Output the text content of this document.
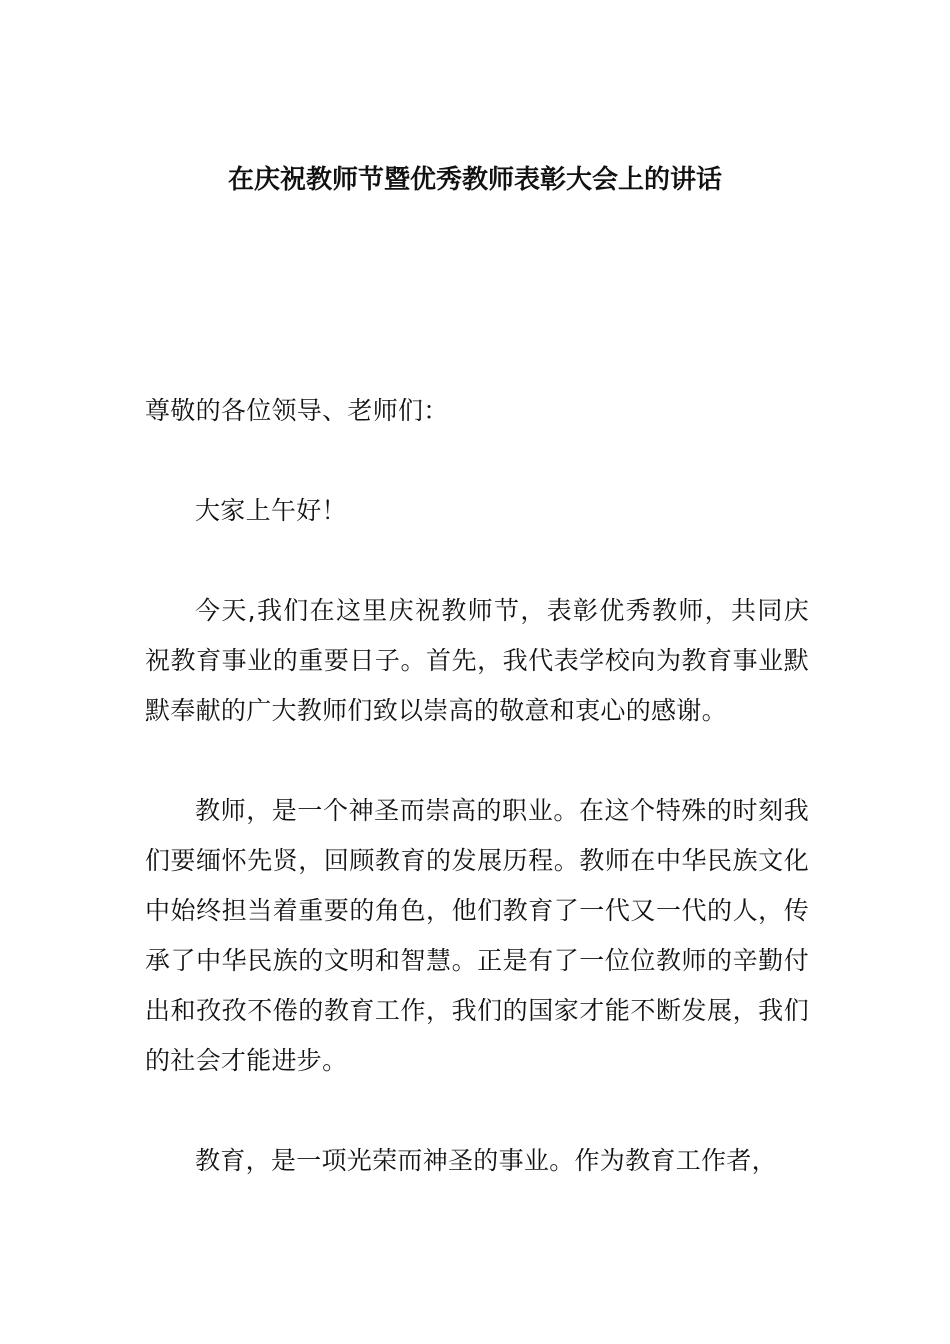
在庆祝教师节暨优秀教师表彰大会上的讲话

尊敬的各位领导、老师们：

大家上午好！

今天,我们在这里庆祝教师节，表彰优秀教师，共同庆祝教育事业的重要日子。首先，我代表学校向为教育事业默默奉献的广大教师们致以崇高的敬意和衷心的感谢。

教师，是一个神圣而崇高的职业。在这个特殊的时刻我们要缅怀先贤，回顾教育的发展历程。教师在中华民族文化中始终担当着重要的角色，他们教育了一代又一代的人，传承了中华民族的文明和智慧。正是有了一位位教师的辛勤付出和孜孜不倦的教育工作，我们的国家才能不断发展，我们的社会才能进步。

教育，是一项光荣而神圣的事业。作为教育工作者，
